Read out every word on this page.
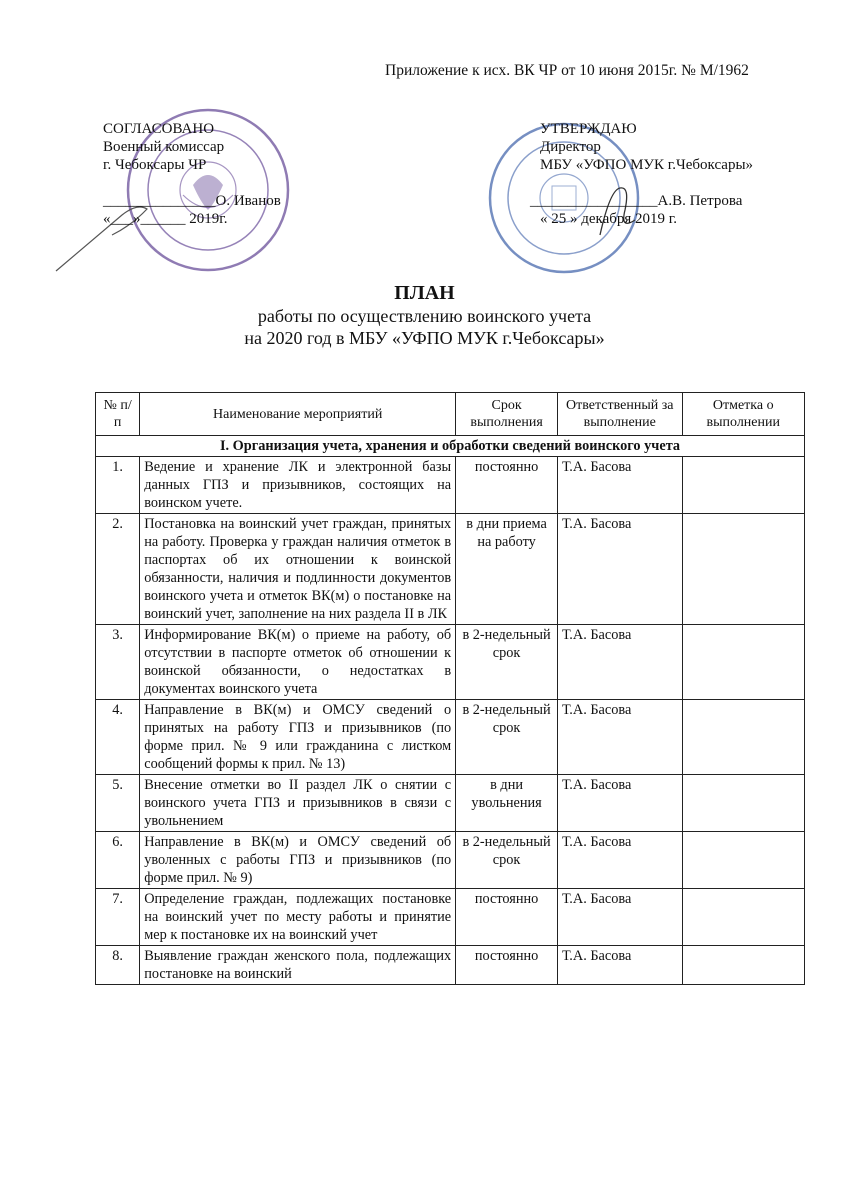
Приложение к исх. ВК ЧР от 10 июня 2015г. № М/1962
СОГЛАСОВАНО
Военный комиссар
г. Чебоксары ЧР
_______________О. Иванов
«___»______ 2019г.
УТВЕРЖДАЮ
Директор
МБУ «УФПО МУК г.Чебоксары»
_________________А.В. Петрова
« 25 » декабря 2019 г.
ПЛАН
работы по осуществлению воинского учета
на 2020 год в МБУ «УФПО МУК г.Чебоксары»
№ п/п	Наименование мероприятий	Срок выполнения	Ответственный за выполнение	Отметка о выполнении
I. Организация учета, хранения и обработки сведений воинского учета				
1.	Ведение и хранение ЛК и электронной базы данных ГПЗ и призывников, состоящих на воинском учете.	постоянно	Т.А. Басова	
2.	Постановка на воинский учет граждан, принятых на работу. Проверка у граждан наличия отметок в паспортах об их отношении к воинской обязанности, наличия и подлинности документов воинского учета и отметок ВК(м) о постановке на воинский учет, заполнение на них раздела II в ЛК	в дни приема на работу	Т.А. Басова	
3.	Информирование ВК(м) о приеме на работу, об отсутствии в паспорте отметок об отношении к воинской обязанности, о недостатках в документах воинского учета	в 2-недельный срок	Т.А. Басова	
4.	Направление в ВК(м) и ОМСУ сведений о принятых на работу ГПЗ и призывников (по форме прил. № 9 или гражданина с листком сообщений формы к прил. № 13)	в 2-недельный срок	Т.А. Басова	
5.	Внесение отметки во II раздел ЛК о снятии с воинского учета ГПЗ и призывников в связи с увольнением	в дни увольнения	Т.А. Басова	
6.	Направление в ВК(м) и ОМСУ сведений об уволенных с работы ГПЗ и призывников (по форме прил. № 9)	в 2-недельный срок	Т.А. Басова	
7.	Определение граждан, подлежащих постановке на воинский учет по месту работы и принятие мер к постановке их на воинский учет	постоянно	Т.А. Басова	
8.	Выявление граждан женского пола, подлежащих постановке на воинский	постоянно	Т.А. Басова	
